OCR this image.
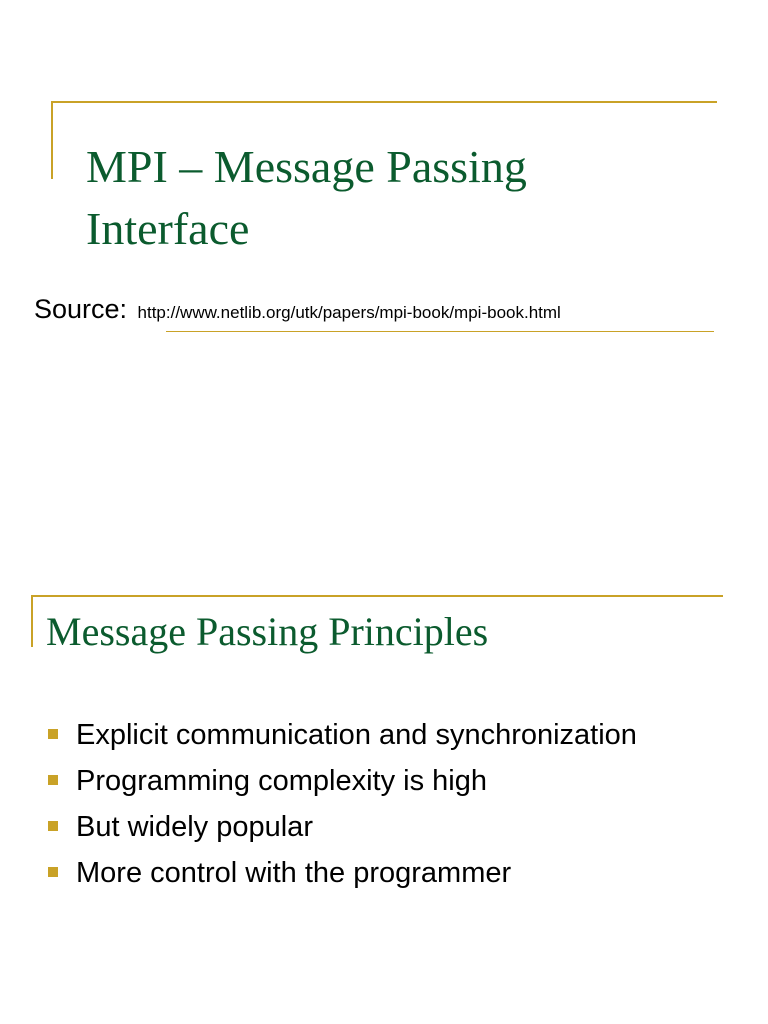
MPI – Message Passing
Interface
Source: http://www.netlib.org/utk/papers/mpi-book/mpi-book.html
Message Passing Principles
Explicit communication and synchronization
Programming complexity is high
But widely popular
More control with the programmer
